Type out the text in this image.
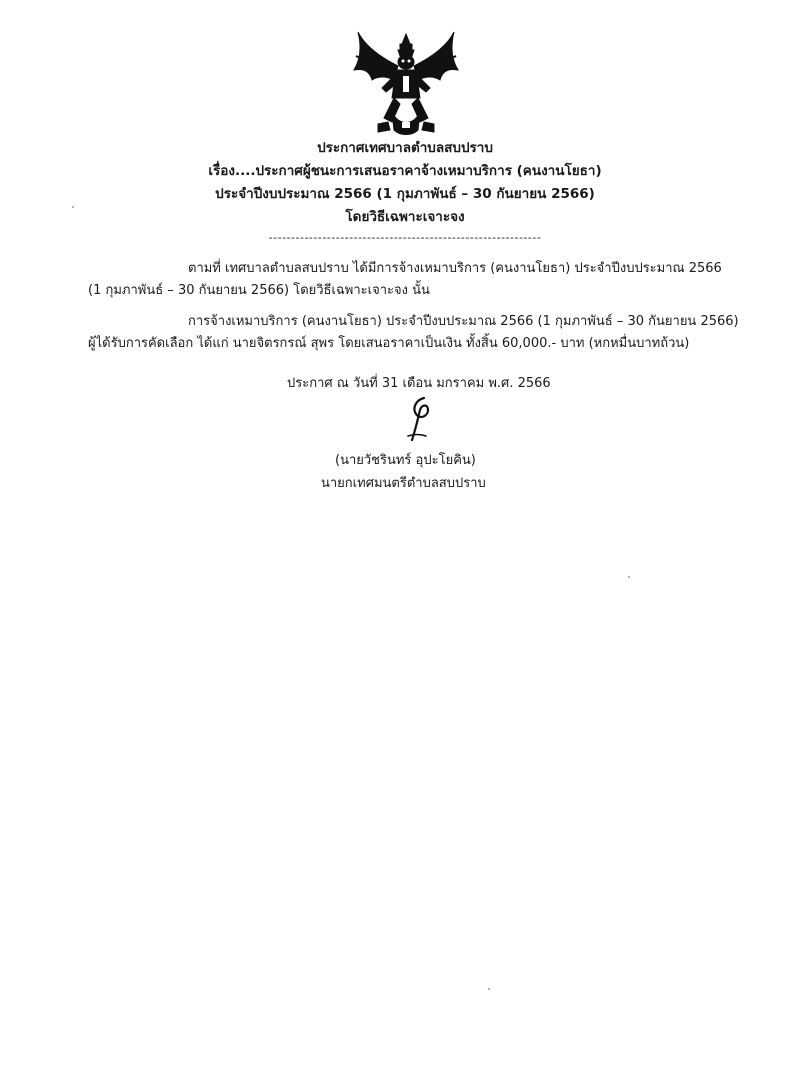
ประกาศเทศบาลตำบลสบปราบ
เรื่อง....ประกาศผู้ชนะการเสนอราคาจ้างเหมาบริการ (คนงานโยธา)
ประจำปีงบประมาณ 2566 (1 กุมภาพันธ์ – 30 กันยายน 2566)
โดยวิธีเฉพาะเจาะจง
-------------------------------------------------------------
ตามที่ เทศบาลตำบลสบปราบ ได้มีการจ้างเหมาบริการ (คนงานโยธา) ประจำปีงบประมาณ 2566
(1 กุมภาพันธ์ – 30 กันยายน 2566) โดยวิธีเฉพาะเจาะจง นั้น
การจ้างเหมาบริการ (คนงานโยธา) ประจำปีงบประมาณ 2566 (1 กุมภาพันธ์ – 30 กันยายน 2566)
ผู้ได้รับการคัดเลือก ได้แก่ นายจิตรกรณ์ สุพร โดยเสนอราคาเป็นเงิน ทั้งสิ้น 60,000.- บาท (หกหมื่นบาทถ้วน)
ประกาศ ณ วันที่ 31 เดือน มกราคม พ.ศ. 2566
(นายวัชรินทร์ อุปะโยคิน)
นายกเทศมนตรีตำบลสบปราบ
